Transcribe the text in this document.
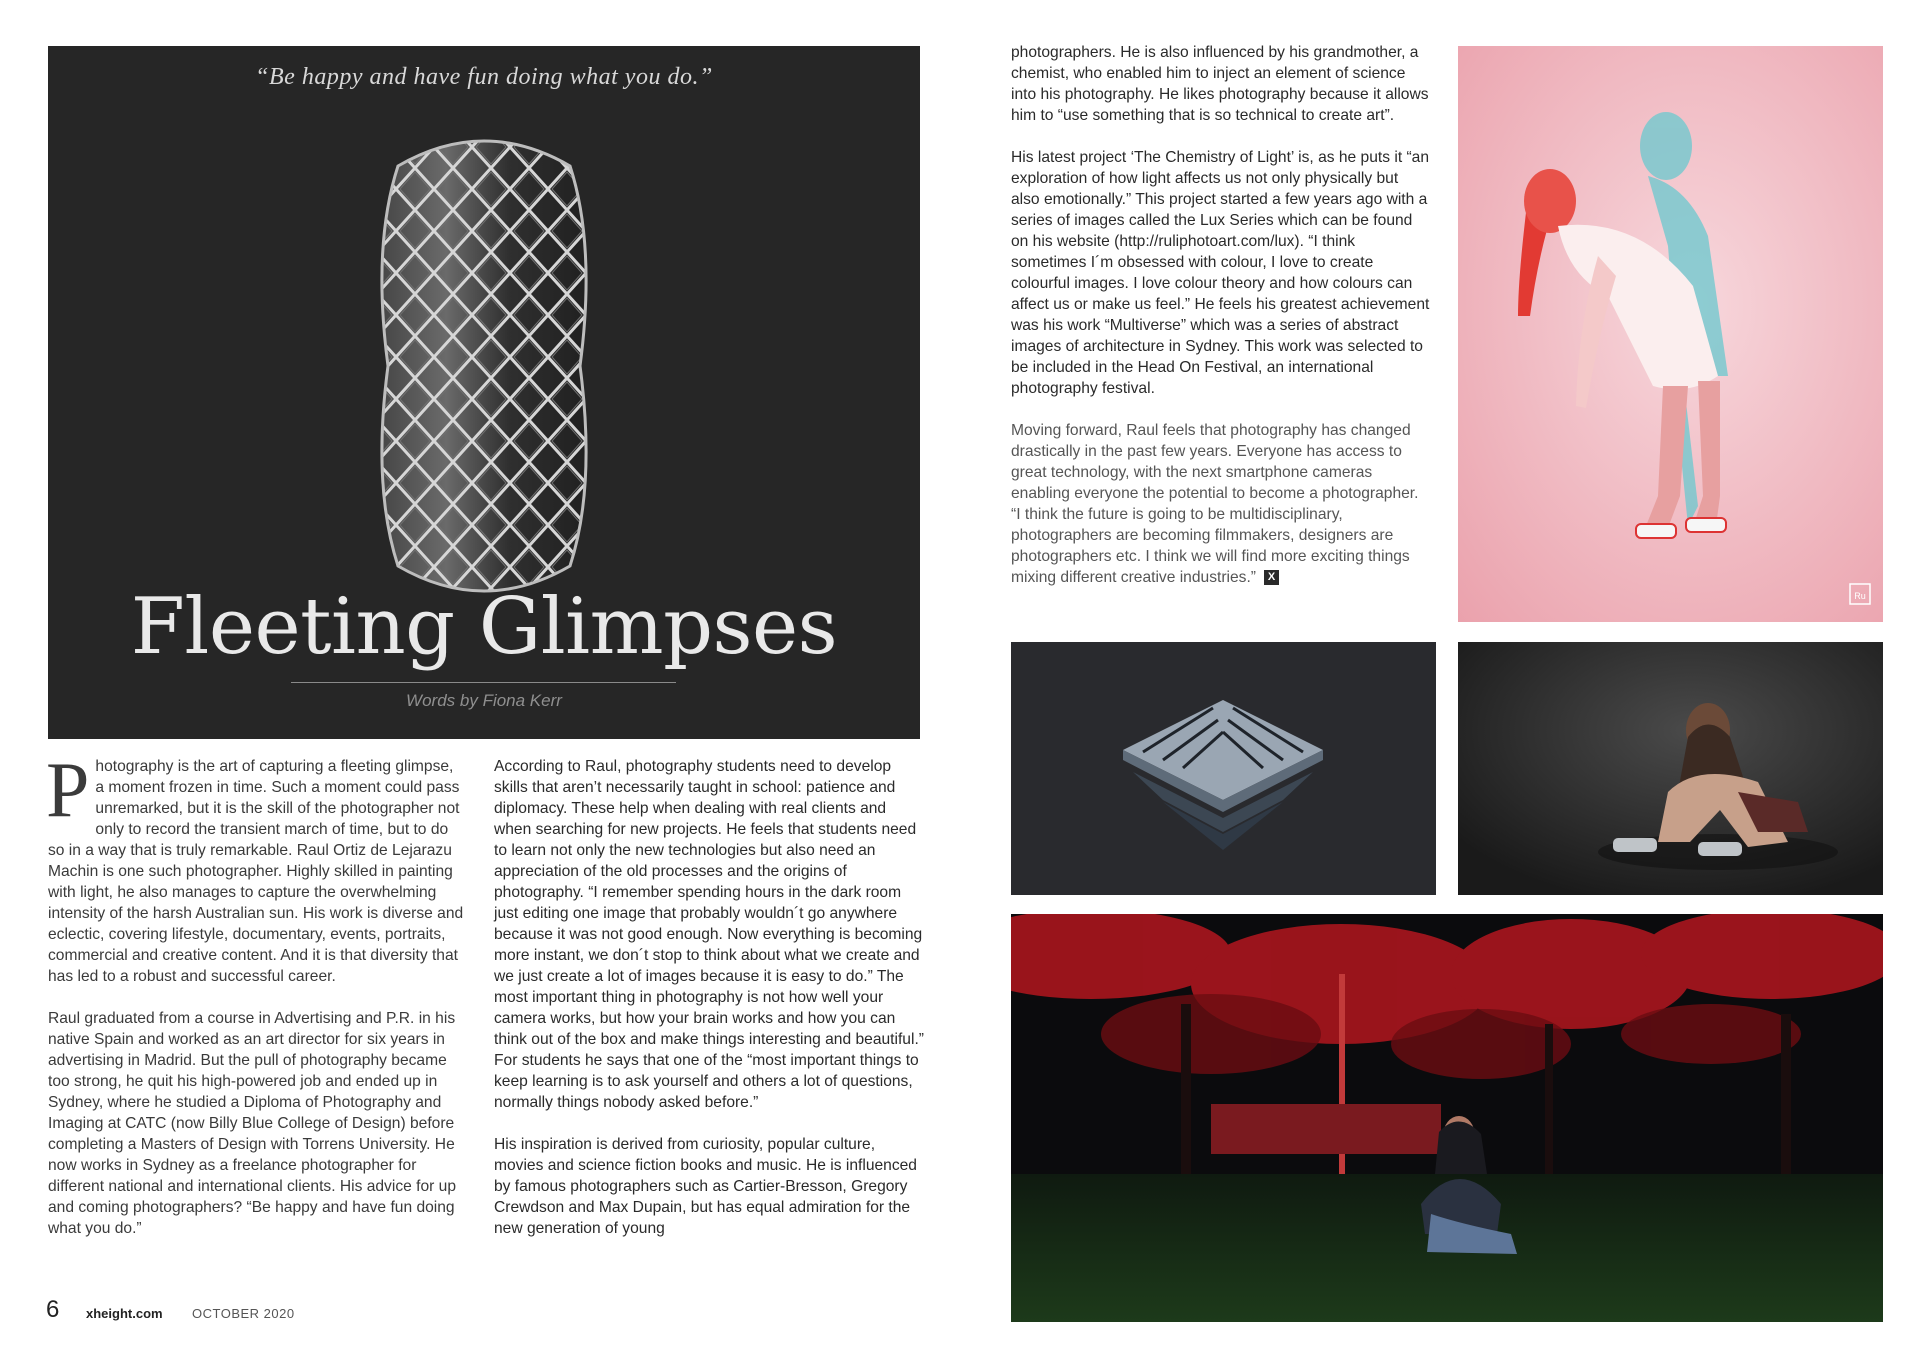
“Be happy and have fun doing what you do.”
Fleeting Glimpses
Words by Fiona Kerr

Photography is the art of capturing a fleeting glimpse, a moment frozen in time. Such a moment could pass unremarked, but it is the skill of the photographer not only to record the transient march of time, but to do so in a way that is truly remarkable. Raul Ortiz de Lejarazu Machin is one such photographer. Highly skilled in painting with light, he also manages to capture the overwhelming intensity of the harsh Australian sun. His work is diverse and eclectic, covering lifestyle, documentary, events, portraits, commercial and creative content. And it is that diversity that has led to a robust and successful career.

Raul graduated from a course in Advertising and P.R. in his native Spain and worked as an art director for six years in advertising in Madrid. But the pull of photography became too strong, he quit his high-powered job and ended up in Sydney, where he studied a Diploma of Photography and Imaging at CATC (now Billy Blue College of Design) before completing a Masters of Design with Torrens University. He now works in Sydney as a freelance photographer for different national and international clients. His advice for up and coming photographers? “Be happy and have fun doing what you do.”

According to Raul, photography students need to develop skills that aren’t necessarily taught in school: patience and diplomacy. These help when dealing with real clients and when searching for new projects. He feels that students need to learn not only the new technologies but also need an appreciation of the old processes and the origins of photography. “I remember spending hours in the dark room just editing one image that probably wouldn´t go anywhere because it was not good enough. Now everything is becoming more instant, we don´t stop to think about what we create and we just create a lot of images because it is easy to do.” The most important thing in photography is not how well your camera works, but how your brain works and how you can think out of the box and make things interesting and beautiful.” For students he says that one of the “most important things to keep learning is to ask yourself and others a lot of questions, normally things nobody asked before.”

His inspiration is derived from curiosity, popular culture, movies and science fiction books and music. He is influenced by famous photographers such as Cartier-Bresson, Gregory Crewdson and Max Dupain, but has equal admiration for the new generation of young

photographers. He is also influenced by his grandmother, a chemist, who enabled him to inject an element of science into his photography. He likes photography because it allows him to “use something that is so technical to create art”.

His latest project ‘The Chemistry of Light’ is, as he puts it “an exploration of how light affects us not only physically but also emotionally.” This project started a few years ago with a series of images called the Lux Series which can be found on his website (http://ruliphotoart.com/lux). “I think sometimes I´m obsessed with colour, I love to create colourful images. I love colour theory and how colours can affect us or make us feel.” He feels his greatest achievement was his work “Multiverse” which was a series of abstract images of architecture in Sydney. This work was selected to be included in the Head On Festival, an international photography festival.

Moving forward, Raul feels that photography has changed drastically in the past few years. Everyone has access to great technology, with the next smartphone cameras enabling everyone the potential to become a photographer. “I think the future is going to be multidisciplinary, photographers are becoming filmmakers, designers are photographers etc. I think we will find more exciting things mixing different creative industries.” X

6 xheight.com OCTOBER 2020
Ru
